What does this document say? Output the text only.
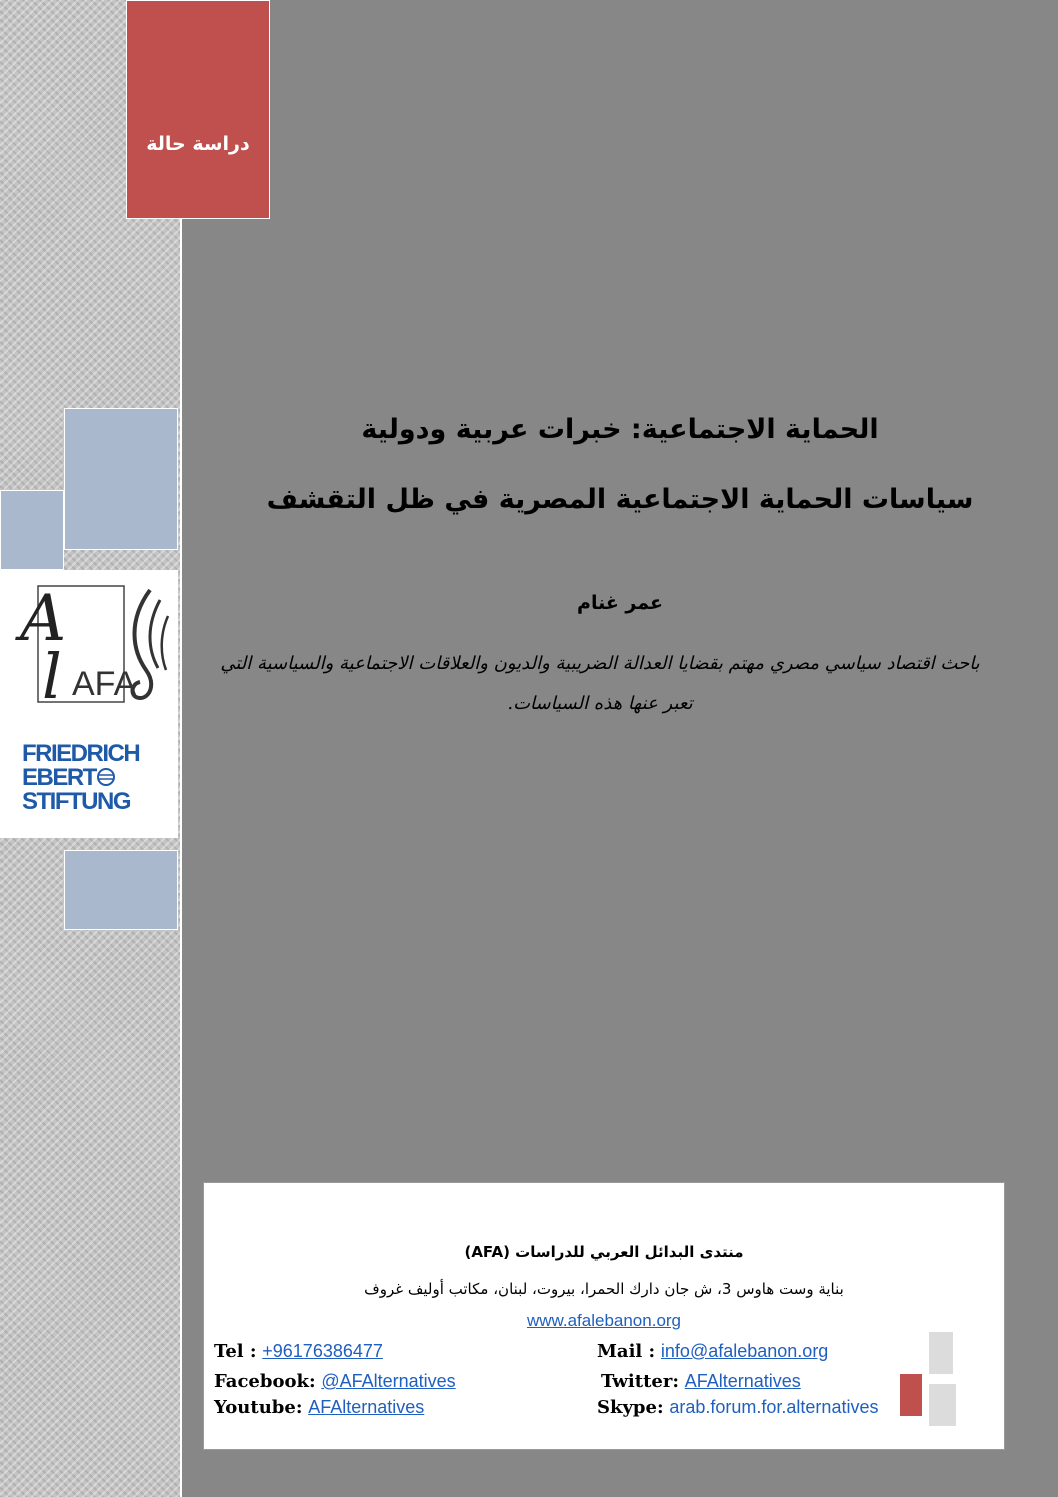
دراسة حالة
A
l AFA
FRIEDRICH
EBERT
STIFTUNG
الحماية الاجتماعية: خبرات عربية ودولية
سياسات الحماية الاجتماعية المصرية في ظل التقشف
عمر غنام
باحث اقتصاد سياسي مصري مهتم بقضايا العدالة الضريبية والديون والعلاقات الاجتماعية والسياسية التي تعبر عنها هذه السياسات.
منتدى البدائل العربي للدراسات (AFA)
بناية وست هاوس 3، ش جان دارك الحمرا، بيروت، لبنان، مكاتب أوليف غروف
www.afalebanon.org
Tel : +96176386477	Mail : info@afalebanon.org
Facebook: @AFAlternatives	Twitter: AFAlternatives
Youtube: AFAlternatives	Skype: arab.forum.for.alternatives
